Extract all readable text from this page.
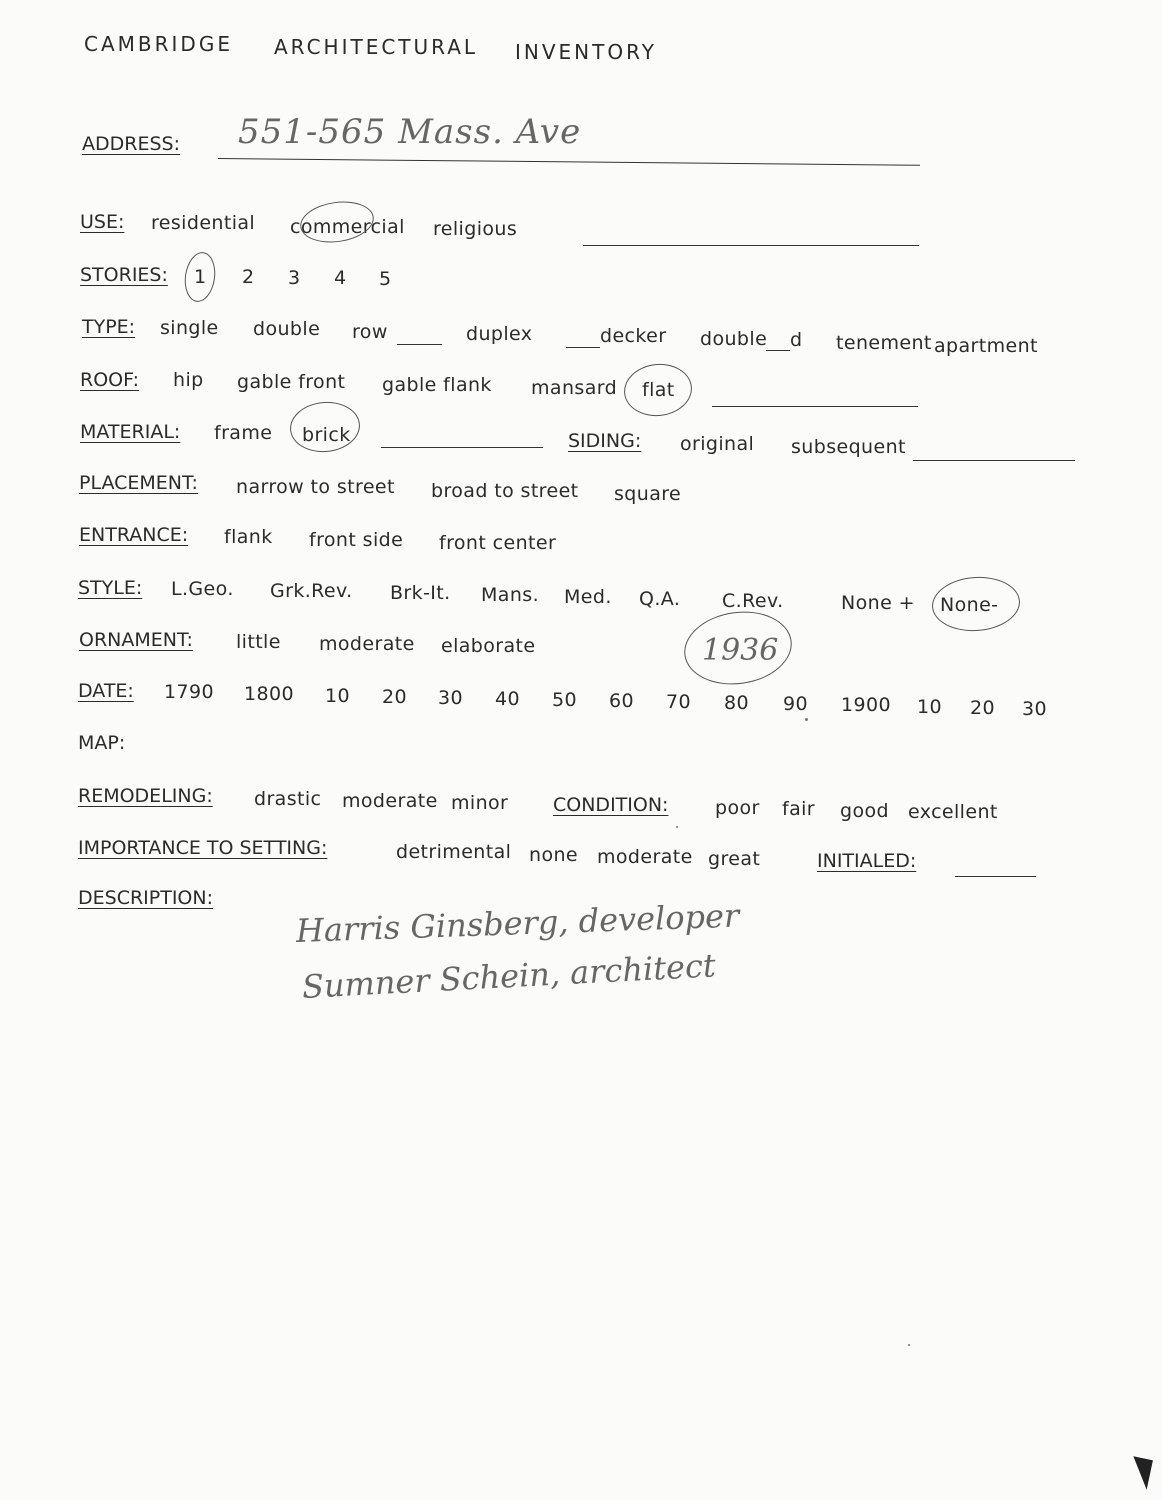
CAMBRIDGE ARCHITECTURAL INVENTORY
ADDRESS: 551-565 Mass. Ave
USE: residential commercial religious
STORIES: 1 2 3 4 5
TYPE: single double row	duplex	decker double d tenement apartment
ROOF: hip gable front gable flank mansard flat
MATERIAL: frame brick	SIDING: original subsequent
PLACEMENT: narrow to street broad to street square
ENTRANCE: flank front side front center
STYLE: L.Geo. Grk.Rev. Brk-It. Mans. Med. Q.A. C.Rev.	None + None-
ORNAMENT: little moderate elaborate	1936
DATE: 1790 1800 10 20 30 40 50 60 70 80 90 1900 10 20 30
MAP:
REMODELING: drastic moderate minor CONDITION: poor fair good excellent
IMPORTANCE TO SETTING:	detrimental none moderate great	INITIALED:
DESCRIPTION:	Harris Ginsberg, developer
Sumner Schein, architect
